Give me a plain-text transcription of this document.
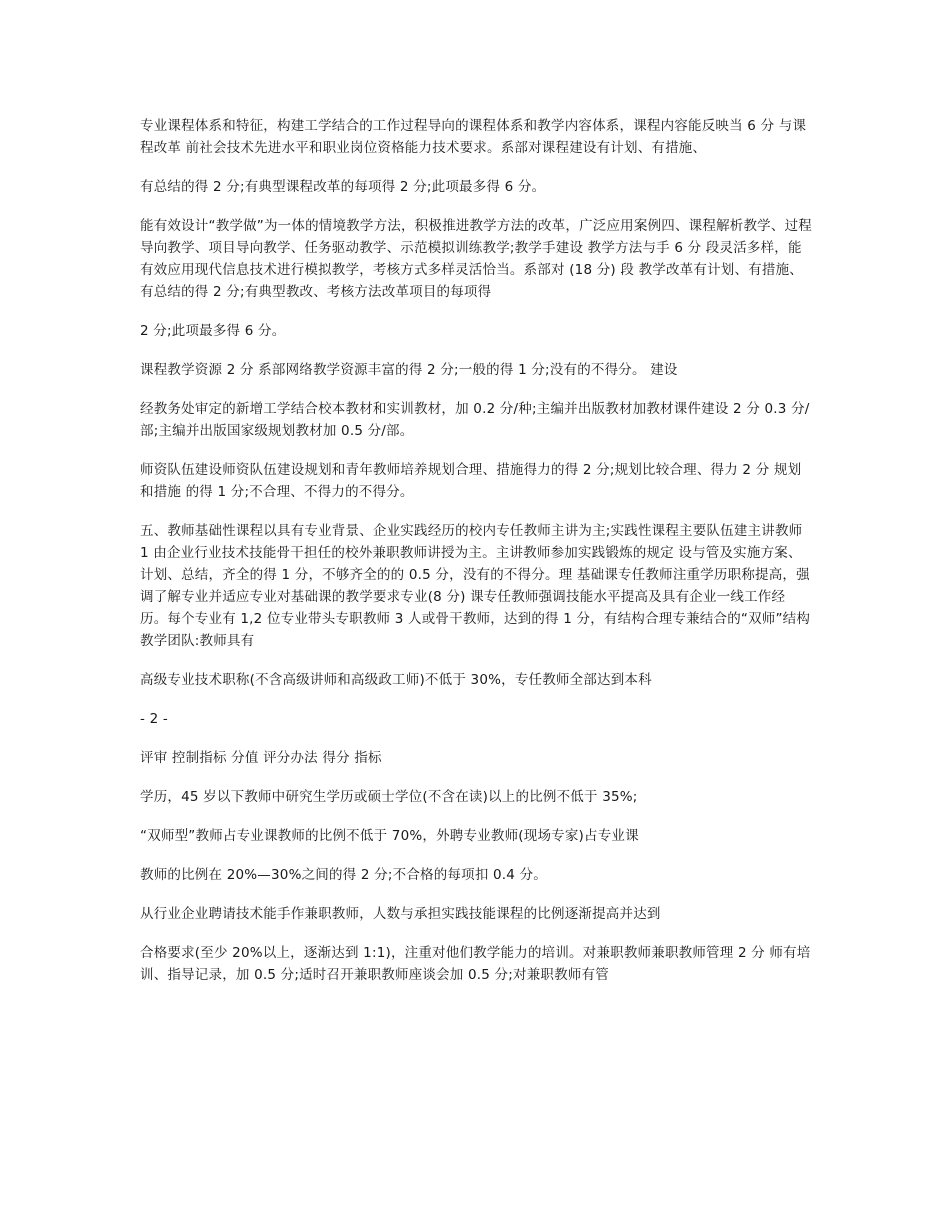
专业课程体系和特征，构建工学结合的工作过程导向的课程体系和教学内容体系，课程内容能反映当 6 分 与课程改革 前社会技术先进水平和职业岗位资格能力技术要求。系部对课程建设有计划、有措施、

有总结的得 2 分;有典型课程改革的每项得 2 分;此项最多得 6 分。

能有效设计“教学做”为一体的情境教学方法，积极推进教学方法的改革，广泛应用案例四、课程解析教学、过程导向教学、项目导向教学、任务驱动教学、示范模拟训练教学;教学手建设 教学方法与手 6 分 段灵活多样，能有效应用现代信息技术进行模拟教学，考核方式多样灵活恰当。系部对 (18 分) 段 教学改革有计划、有措施、有总结的得 2 分;有典型教改、考核方法改革项目的每项得

2 分;此项最多得 6 分。

课程教学资源 2 分 系部网络教学资源丰富的得 2 分;一般的得 1 分;没有的不得分。 建设

经教务处审定的新增工学结合校本教材和实训教材，加 0.2 分/种;主编并出版教材加教材课件建设 2 分 0.3 分/部;主编并出版国家级规划教材加 0.5 分/部。

师资队伍建设师资队伍建设规划和青年教师培养规划合理、措施得力的得 2 分;规划比较合理、得力 2 分 规划和措施 的得 1 分;不合理、不得力的不得分。

五、教师基础性课程以具有专业背景、企业实践经历的校内专任教师主讲为主;实践性课程主要队伍建主讲教师 1 由企业行业技术技能骨干担任的校外兼职教师讲授为主。主讲教师参加实践锻炼的规定 设与管及实施方案、计划、总结，齐全的得 1 分，不够齐全的的 0.5 分，没有的不得分。理 基础课专任教师注重学历职称提高，强调了解专业并适应专业对基础课的教学要求专业(8 分) 课专任教师强调技能水平提高及具有企业一线工作经历。每个专业有 1,2 位专业带头专职教师 3 人或骨干教师，达到的得 1 分，有结构合理专兼结合的“双师”结构教学团队:教师具有

高级专业技术职称(不含高级讲师和高级政工师)不低于 30%，专任教师全部达到本科

- 2 -

评审 控制指标 分值 评分办法 得分 指标

学历，45 岁以下教师中研究生学历或硕士学位(不含在读)以上的比例不低于 35%;

“双师型”教师占专业课教师的比例不低于 70%，外聘专业教师(现场专家)占专业课

教师的比例在 20%—30%之间的得 2 分;不合格的每项扣 0.4 分。

从行业企业聘请技术能手作兼职教师，人数与承担实践技能课程的比例逐渐提高并达到

合格要求(至少 20%以上，逐渐达到 1:1)，注重对他们教学能力的培训。对兼职教师兼职教师管理 2 分 师有培训、指导记录，加 0.5 分;适时召开兼职教师座谈会加 0.5 分;对兼职教师有管
